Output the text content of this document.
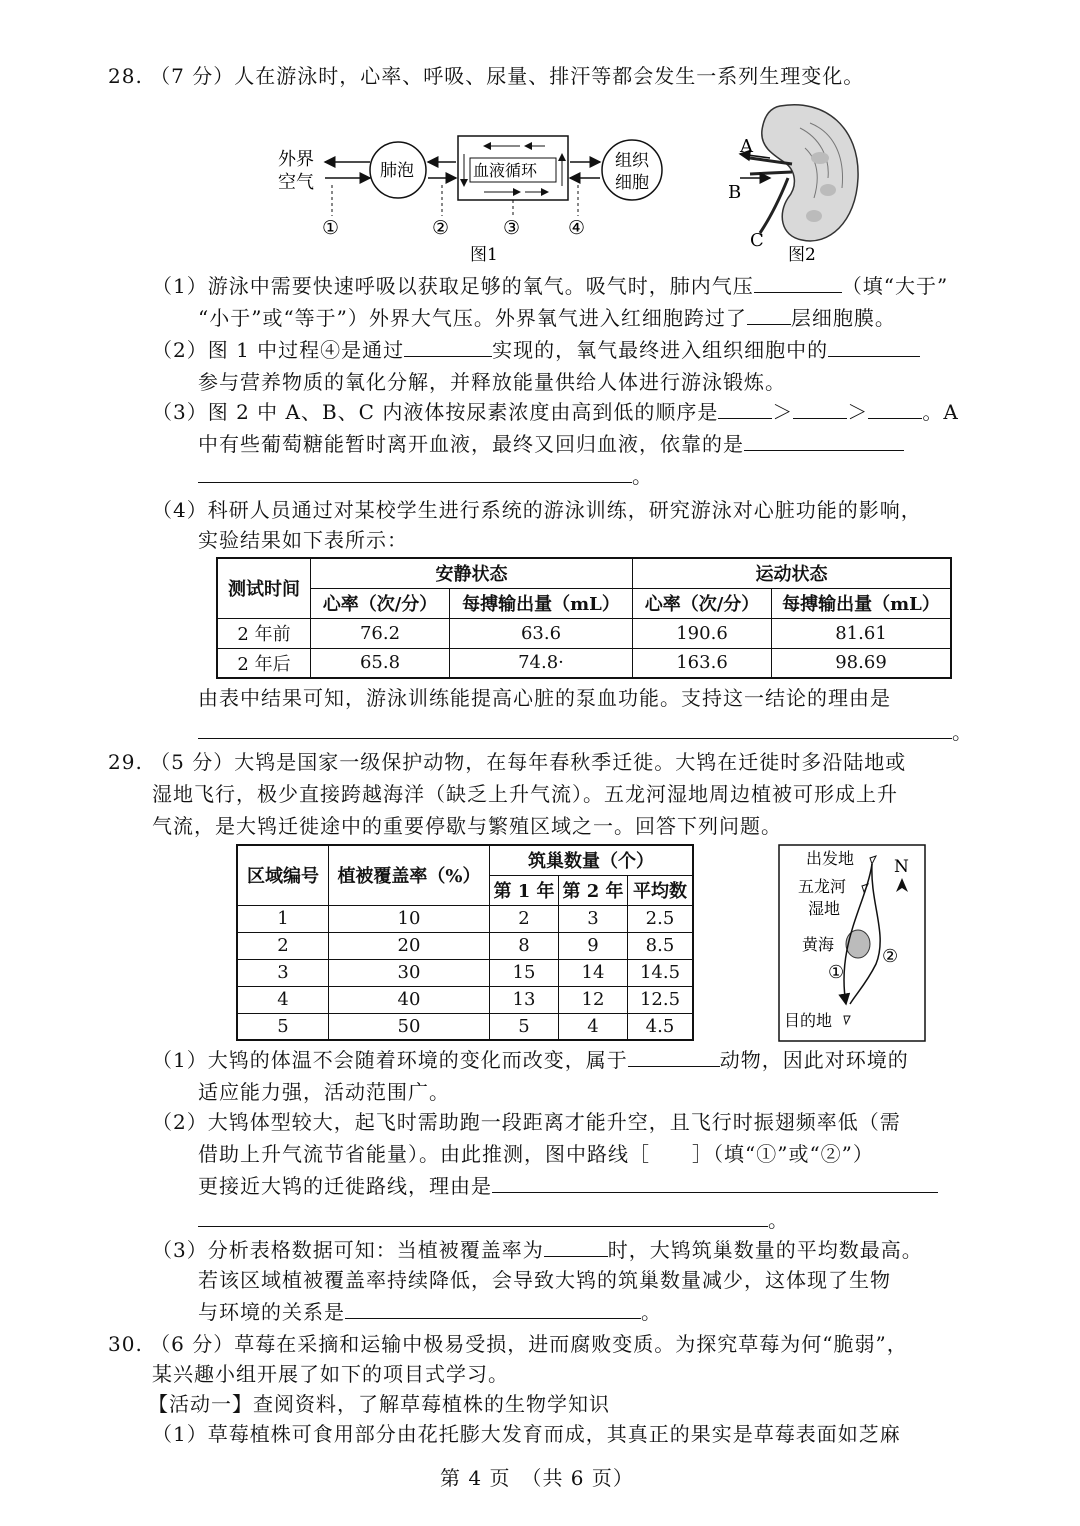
28. （7 分）人在游泳时，心率、呼吸、尿量、排汗等都会发生一系列生理变化。
外界
空气
肺泡	血液循环	组织
细胞
①	②	③	④
图1
A
B
C
图2
（1）游泳中需要快速呼吸以获取足够的氧气。吸气时，肺内气压	（填“大于”
“小于”或“等于”）外界大气压。外界氧气进入红细胞跨过了 层细胞膜。
（2）图 1 中过程④是通过	实现的，氧气最终进入组织细胞中的
参与营养物质的氧化分解，并释放能量供给人体进行游泳锻炼。
（3）图 2 中 A、B、C 内液体按尿素浓度由高到低的顺序是	＞	＞	。A
中有些葡萄糖能暂时离开血液，最终又回归血液，依靠的是
。
（4）科研人员通过对某校学生进行系统的游泳训练，研究游泳对心脏功能的影响，
实验结果如下表所示：
测试时间	安静状态		运动状态	
	心率（次/分）	每搏输出量（mL）	心率（次/分）	每搏输出量（mL）
2 年前	76.2	63.6	190.6	81.61
2 年后	65.8	74.8·	163.6	98.69
由表中结果可知，游泳训练能提高心脏的泵血功能。支持这一结论的理由是
。
29. （5 分）大鸨是国家一级保护动物，在每年春秋季迁徙。大鸨在迁徙时多沿陆地或
湿地飞行，极少直接跨越海洋（缺乏上升气流）。五龙河湿地周边植被可形成上升
气流，是大鸨迁徙途中的重要停歇与繁殖区域之一。回答下列问题。
区域编号	植被覆盖率（%）	筑巢数量（个）		
		第 1 年	第 2 年	平均数
1	10	2	3	2.5
2	20	8	9	8.5
3	30	15	14	14.5
4	40	13	12	12.5
5	50	5	4	4.5
出发地 N
五龙河
湿地
黄海
①
②
目的地
（1）大鸨的体温不会随着环境的变化而改变，属于	动物，因此对环境的
适应能力强，活动范围广。
（2）大鸨体型较大，起飞时需助跑一段距离才能升空，且飞行时振翅频率低（需
借助上升气流节省能量）。由此推测，图中路线［　　］（填“①”或“②”）
更接近大鸨的迁徙路线，理由是
。
（3）分析表格数据可知：当植被覆盖率为	时，大鸨筑巢数量的平均数最高。
若该区域植被覆盖率持续降低，会导致大鸨的筑巢数量减少，这体现了生物
与环境的关系是	。
30. （6 分）草莓在采摘和运输中极易受损，进而腐败变质。为探究草莓为何“脆弱”，
某兴趣小组开展了如下的项目式学习。
【活动一】查阅资料，了解草莓植株的生物学知识
（1）草莓植株可食用部分由花托膨大发育而成，其真正的果实是草莓表面如芝麻
第 4 页　（共 6 页）
